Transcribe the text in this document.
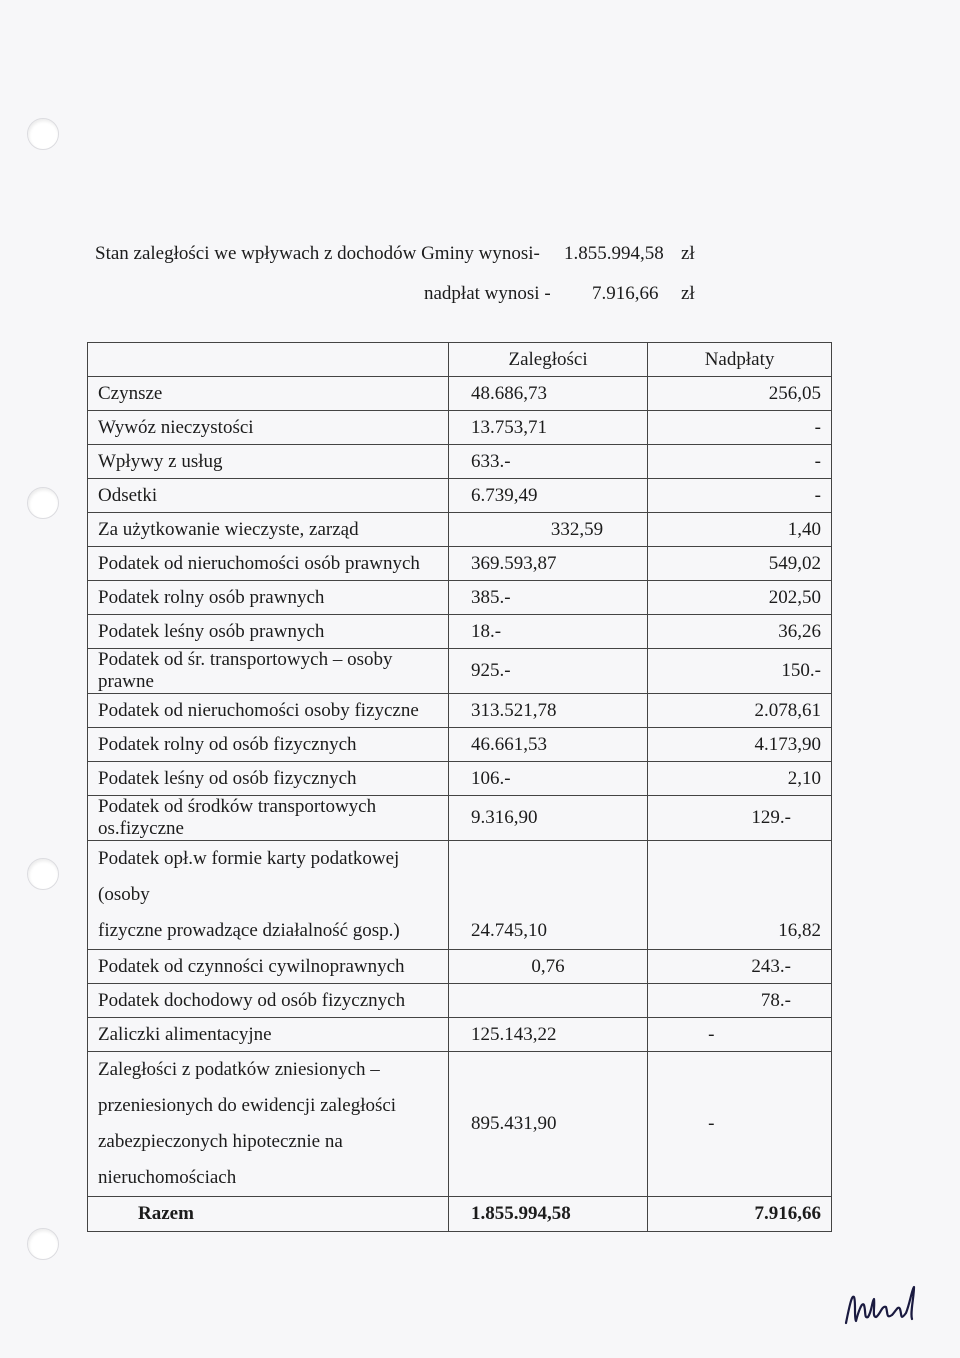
Stan zaległości we wpływach z dochodów Gminy wynosi- 1.855.994,58 zł
nadpłat wynosi - 7.916,66 zł
	Zaległości	Nadpłaty
Czynsze	48.686,73	256,05
Wywóz nieczystości	13.753,71	-
Wpływy z usług	633.-	-
Odsetki	6.739,49	-
Za użytkowanie wieczyste, zarząd	332,59	1,40
Podatek od nieruchomości osób prawnych	369.593,87	549,02
Podatek rolny osób prawnych	385.-	202,50
Podatek leśny osób prawnych	18.-	36,26
Podatek od śr. transportowych – osoby prawne	925.-	150.-
Podatek od nieruchomości osoby fizyczne	313.521,78	2.078,61
Podatek rolny od osób fizycznych	46.661,53	4.173,90
Podatek leśny od osób fizycznych	106.-	2,10
Podatek od środków transportowych os.fizyczne	9.316,90	129.-

Podatek opł.w formie karty podatkowej (osoby
fizyczne prowadzące działalność gosp.)	24.745,10	16,82
Podatek od czynności cywilnoprawnych	0,76	243.-
Podatek dochodowy od osób fizycznych		78.-
Zaliczki alimentacyjne	125.143,22	-

Zaległości z podatków zniesionych –
przeniesionych do ewidencji zaległości
zabezpieczonych hipotecznie na
nieruchomościach	895.431,90	-
Razem	1.855.994,58	7.916,66
